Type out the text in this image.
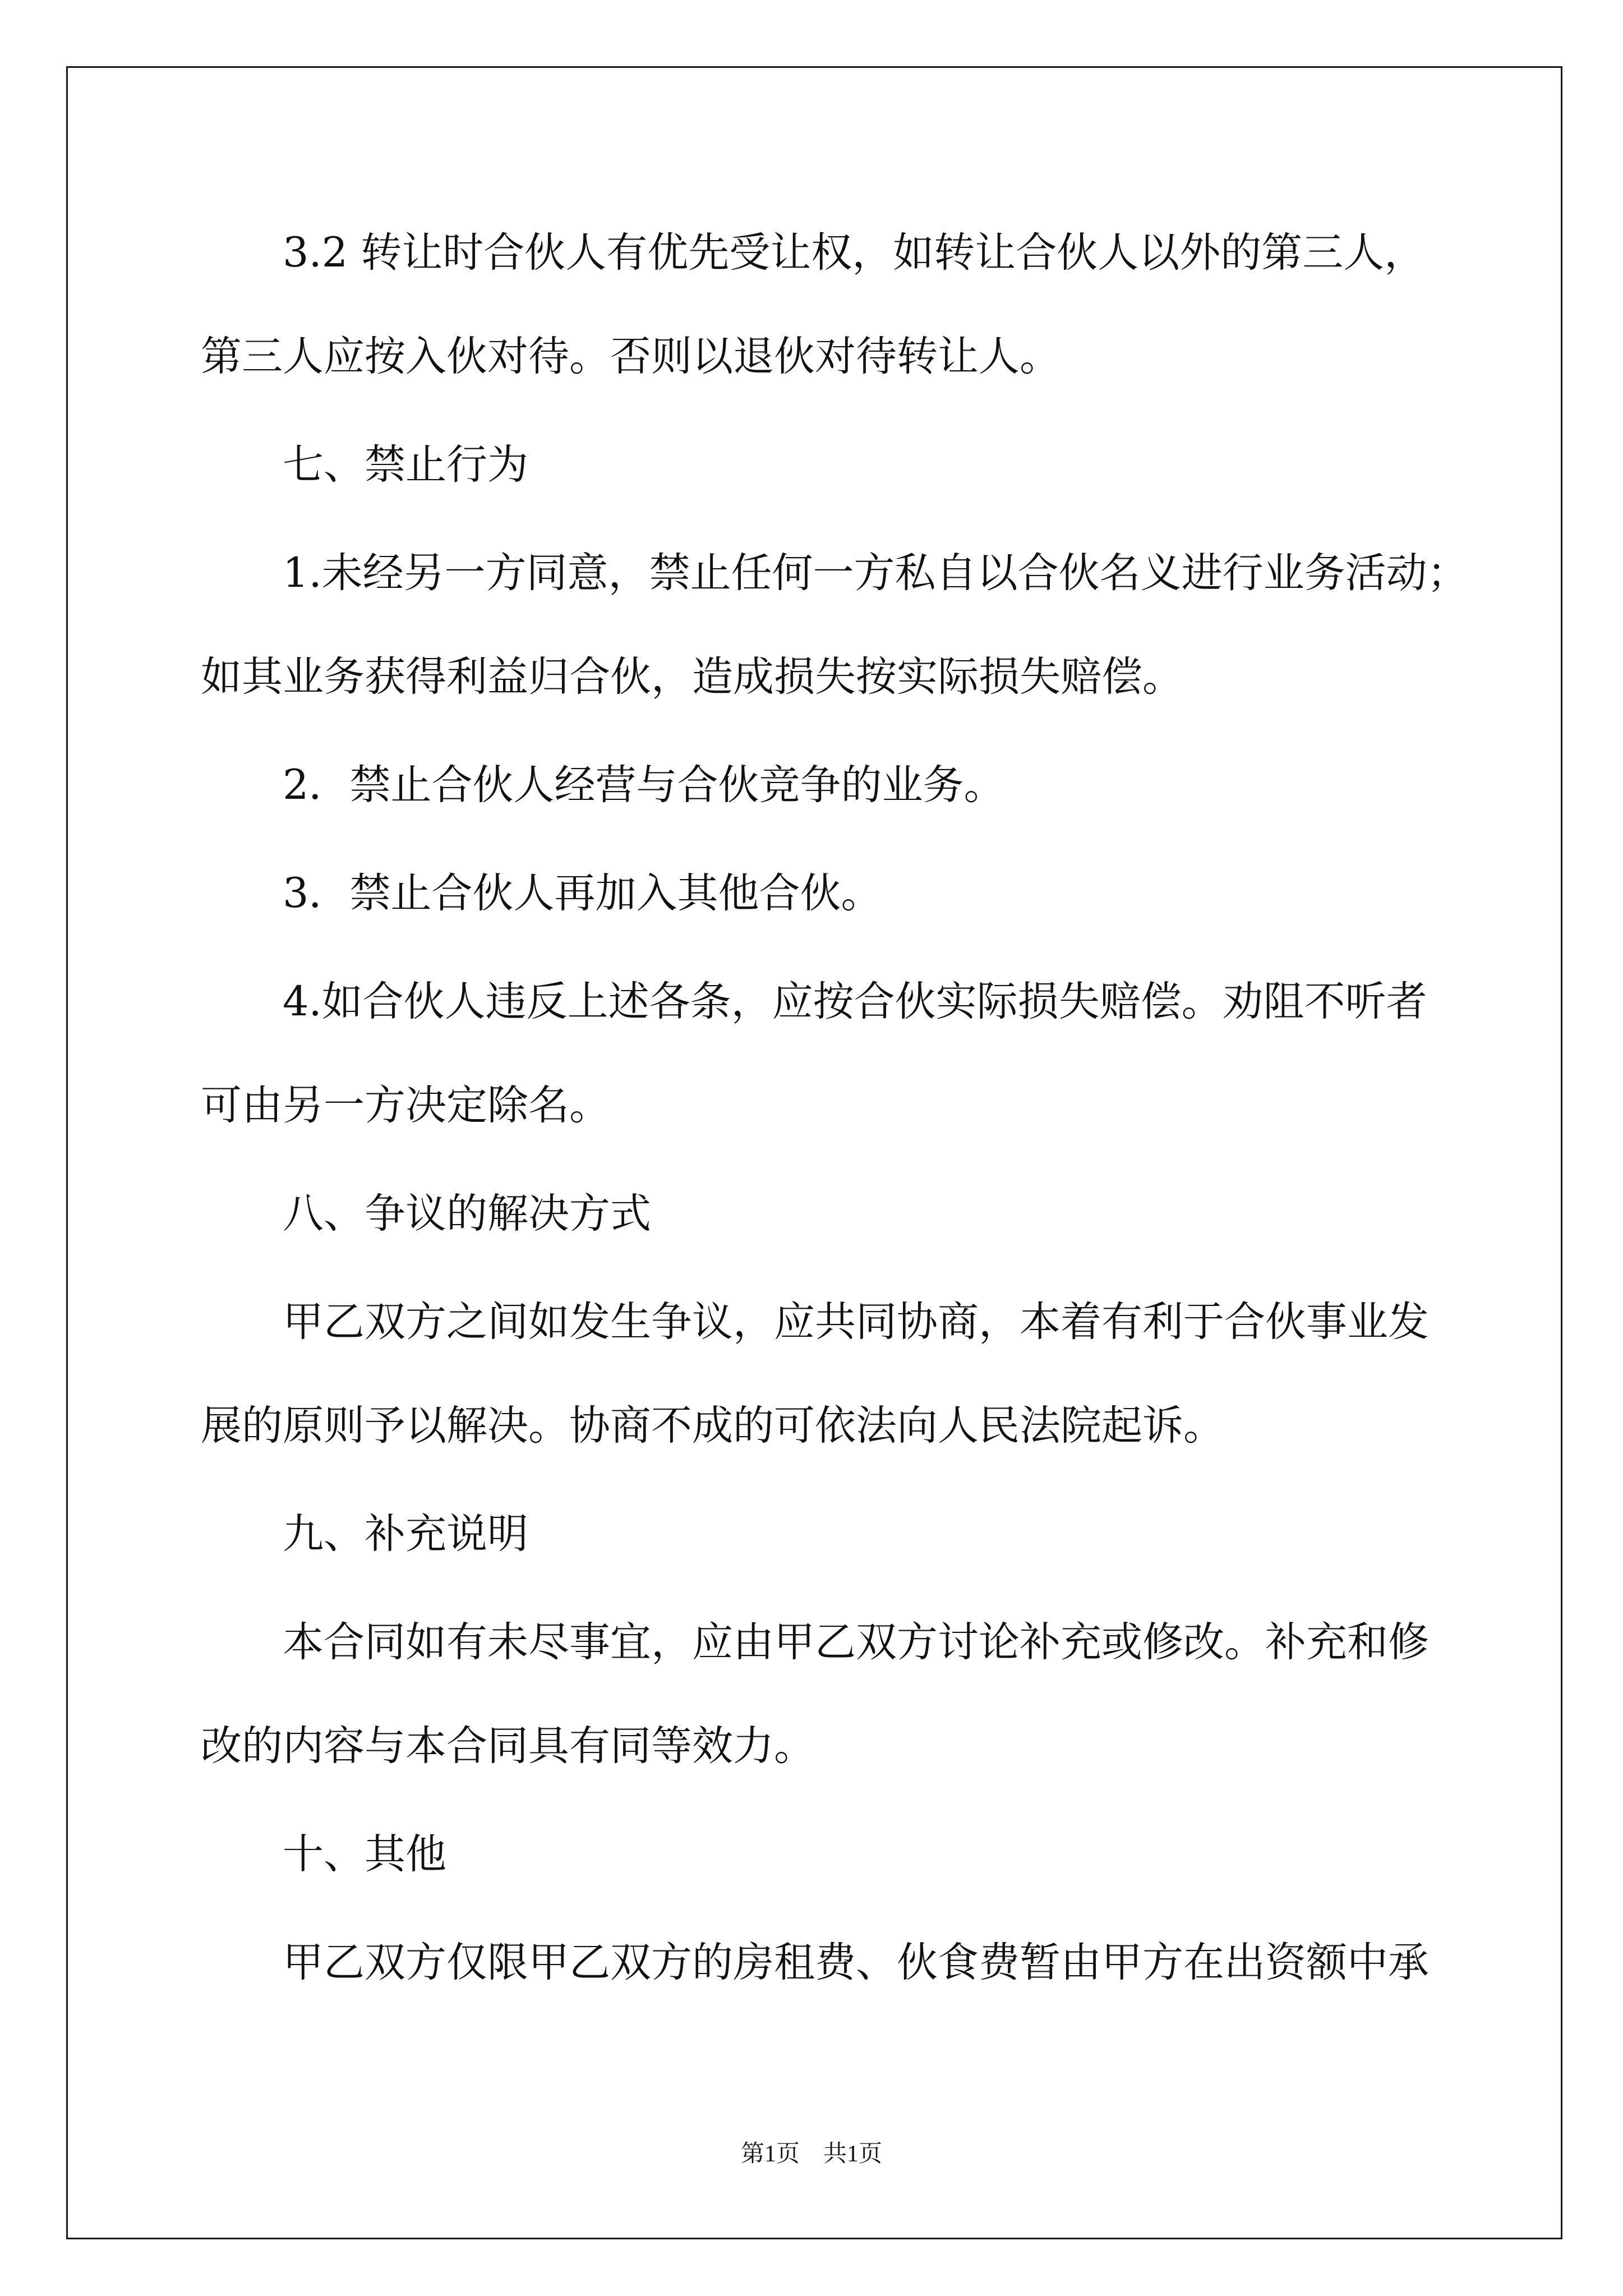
3.2 转让时合伙人有优先受让权，如转让合伙人以外的第三人，
第三人应按入伙对待。否则以退伙对待转让人。
七、禁止行为
1.未经另一方同意，禁止任何一方私自以合伙名义进行业务活动；
如其业务获得利益归合伙，造成损失按实际损失赔偿。
2．禁止合伙人经营与合伙竞争的业务。
3．禁止合伙人再加入其他合伙。
4.如合伙人违反上述各条，应按合伙实际损失赔偿。劝阻不听者
可由另一方决定除名。
八、争议的解决方式
甲乙双方之间如发生争议，应共同协商，本着有利于合伙事业发
展的原则予以解决。协商不成的可依法向人民法院起诉。
九、补充说明
本合同如有未尽事宜，应由甲乙双方讨论补充或修改。补充和修
改的内容与本合同具有同等效力。
十、其他
甲乙双方仅限甲乙双方的房租费、伙食费暂由甲方在出资额中承
第1页　共1页
